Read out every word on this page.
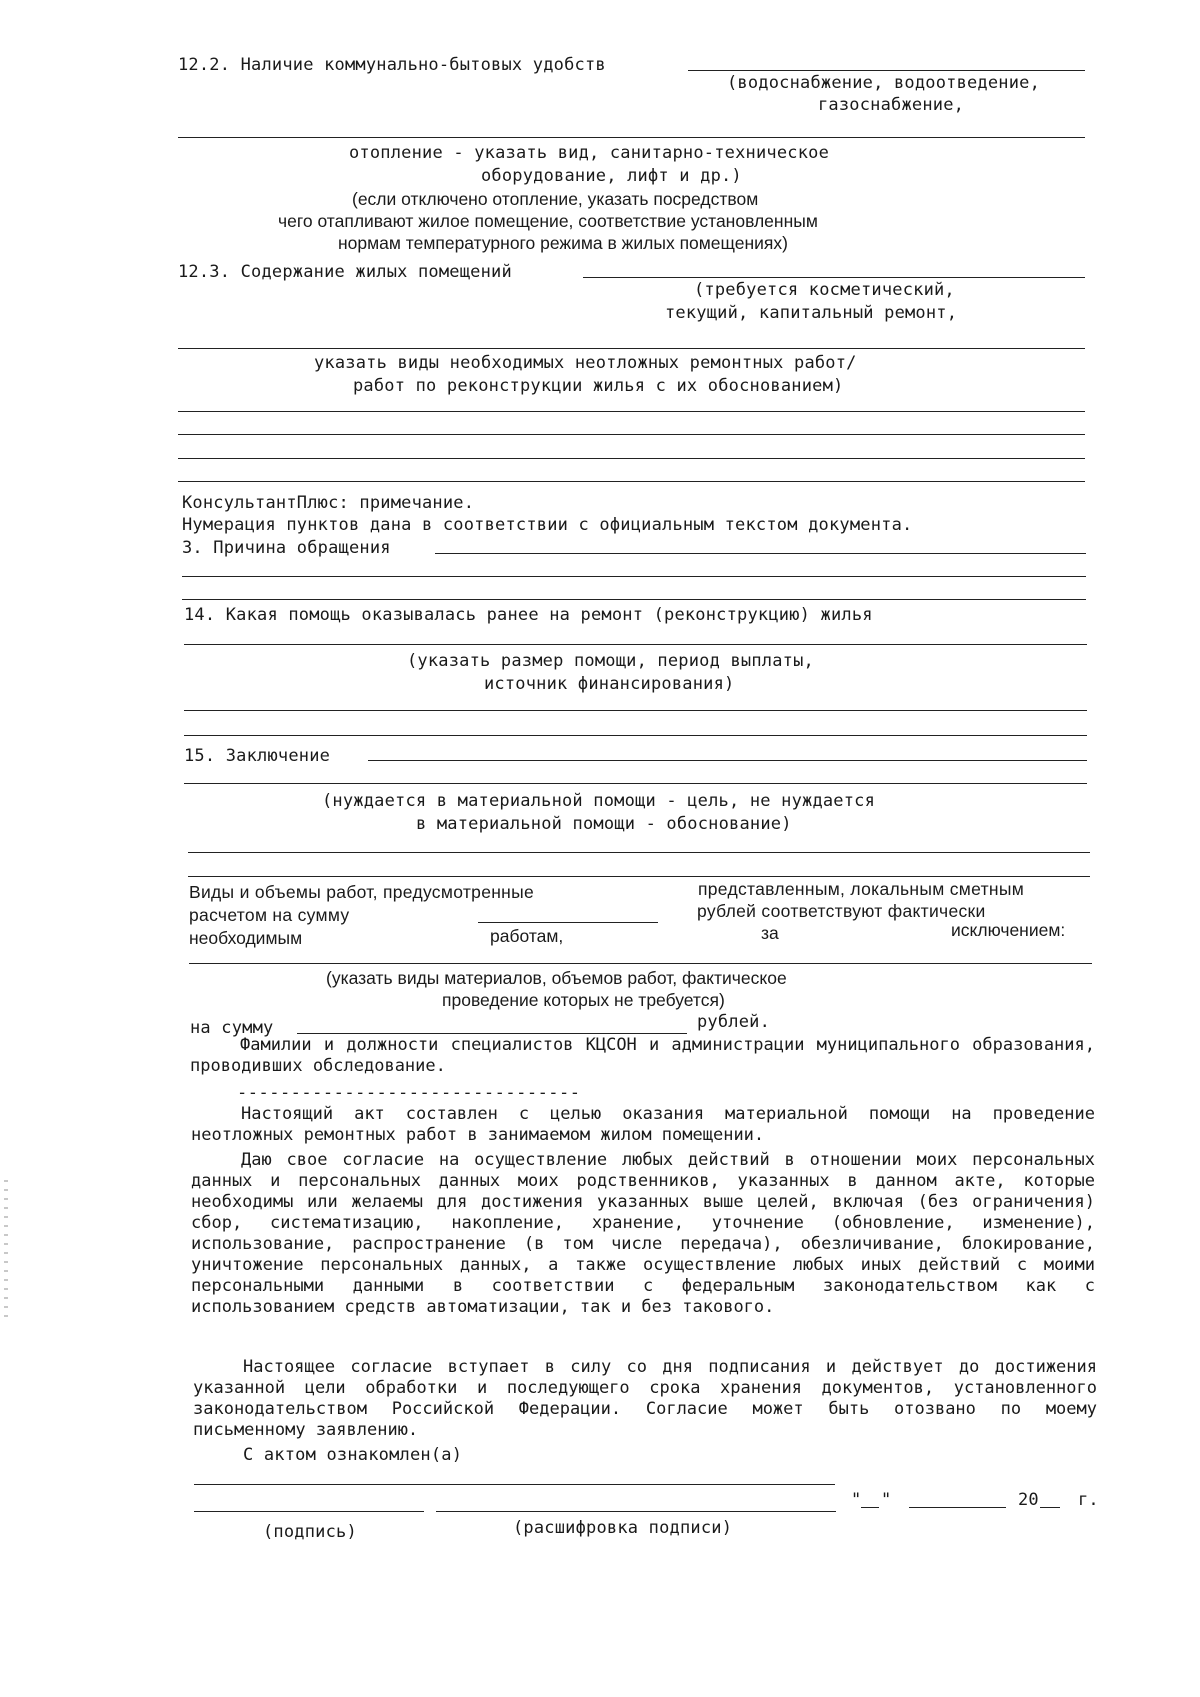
12.2. Наличие коммунально-бытовых удобств
(водоснабжение, водоотведение,
газоснабжение,
отопление - указать вид, санитарно-техническое
оборудование, лифт и др.)
(если отключено отопление, указать посредством
чего отапливают жилое помещение, соответствие установленным
нормам температурного режима в жилых помещениях)
12.3. Содержание жилых помещений
(требуется косметический,
текущий, капитальный ремонт,
указать виды необходимых неотложных ремонтных работ/
работ по реконструкции жилья с их обоснованием)
КонсультантПлюс: примечание.
Нумерация пунктов дана в соответствии с официальным текстом документа.
3. Причина обращения
14. Какая помощь оказывалась ранее на ремонт (реконструкцию) жилья
(указать размер помощи, период выплаты,
источник финансирования)
15. Заключение
(нуждается в материальной помощи - цель, не нуждается
в материальной помощи - обоснование)
Виды и объемы работ, предусмотренные	представленным, локальным сметным
расчетом на сумму	рублей соответствуют фактически
необходимым	работам,	за	исключением:
(указать виды материалов, объемов работ, фактическое
проведение которых не требуется)
на сумму	рублей.
Фамилии и должности специалистов КЦСОН и администрации муниципального образования, проводивших обследование.
--------------------------------
Настоящий акт составлен с целью оказания материальной помощи на проведение неотложных ремонтных работ в занимаемом жилом помещении.
Даю свое согласие на осуществление любых действий в отношении моих персональных данных и персональных данных моих родственников, указанных в данном акте, которые необходимы или желаемы для достижения указанных выше целей, включая (без ограничения) сбор, систематизацию, накопление, хранение, уточнение (обновление, изменение), использование, распространение (в том числе передача), обезличивание, блокирование, уничтожение персональных данных, а также осуществление любых иных действий с моими персональными данными в соответствии с федеральным законодательством как с использованием средств автоматизации, так и без такового.
Настоящее согласие вступает в силу со дня подписания и действует до достижения указанной цели обработки и последующего срока хранения документов, установленного законодательством Российской Федерации. Согласие может быть отозвано по моему письменному заявлению.
С актом ознакомлен(а)
" "	20 г.
(подпись)	(расшифровка подписи)
